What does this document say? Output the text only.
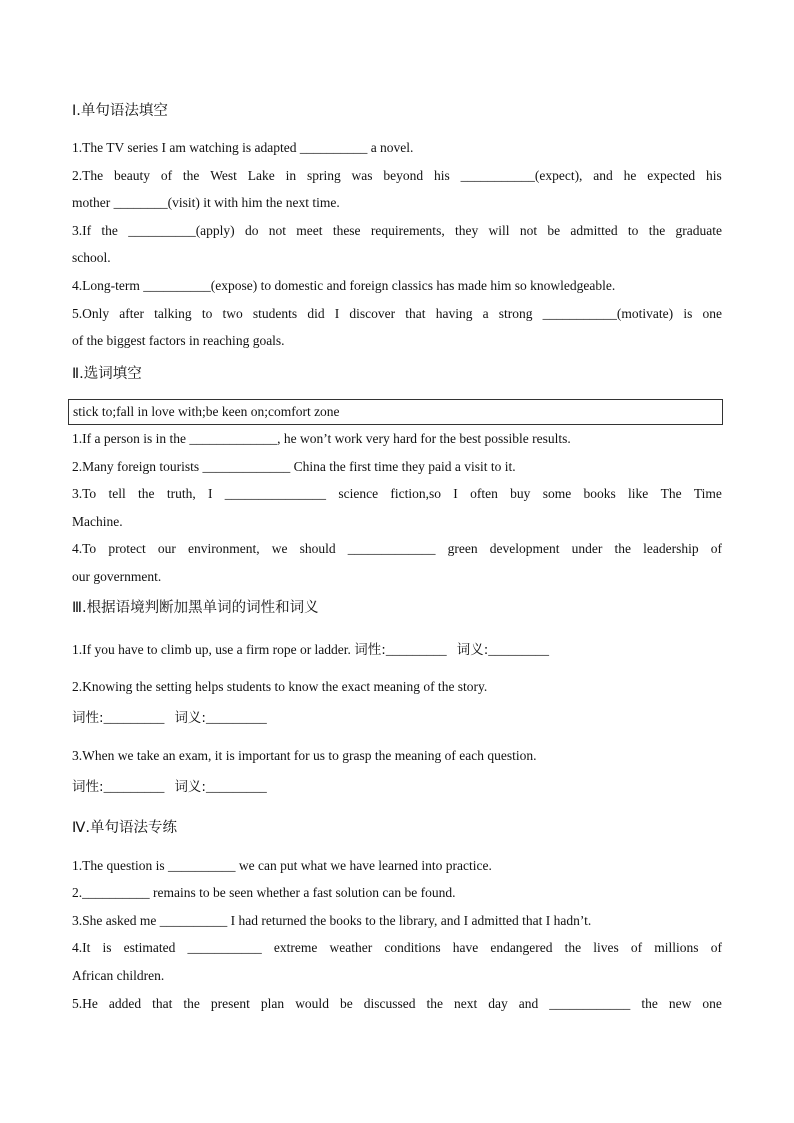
Ⅰ.单句语法填空
1.The TV series I am watching is adapted __________ a novel.
2.The beauty of the West Lake in spring was beyond his ___________(expect), and he expected his
mother ________(visit) it with him the next time.
3.If the __________(apply) do not meet these requirements, they will not be admitted to the graduate
school.
4.Long-term __________(expose) to domestic and foreign classics has made him so knowledgeable.
5.Only after talking to two students did I discover that having a strong ___________(motivate) is one
of the biggest factors in reaching goals.
Ⅱ.选词填空
stick to;fall in love with;be keen on;comfort zone
1.If a person is in the _____________, he won’t work very hard for the best possible results.
2.Many foreign tourists _____________ China the first time they paid a visit to it.
3.To tell the truth, I _______________ science fiction,so I often buy some books like The Time
Machine.
4.To protect our environment, we should _____________ green development under the leadership of
our government.
Ⅲ.根据语境判断加黑单词的词性和词义
1.If you have to climb up, use a firm rope or ladder. 词性:_________ 词义:_________
2.Knowing the setting helps students to know the exact meaning of the story.
词性:_________ 词义:_________
3.When we take an exam, it is important for us to grasp the meaning of each question.
词性:_________ 词义:_________
Ⅳ.单句语法专练
1.The question is __________ we can put what we have learned into practice.
2.__________ remains to be seen whether a fast solution can be found.
3.She asked me __________ I had returned the books to the library, and I admitted that I hadn’t.
4.It is estimated ___________ extreme weather conditions have endangered the lives of millions of
African children.
5.He added that the present plan would be discussed the next day and ____________ the new one
